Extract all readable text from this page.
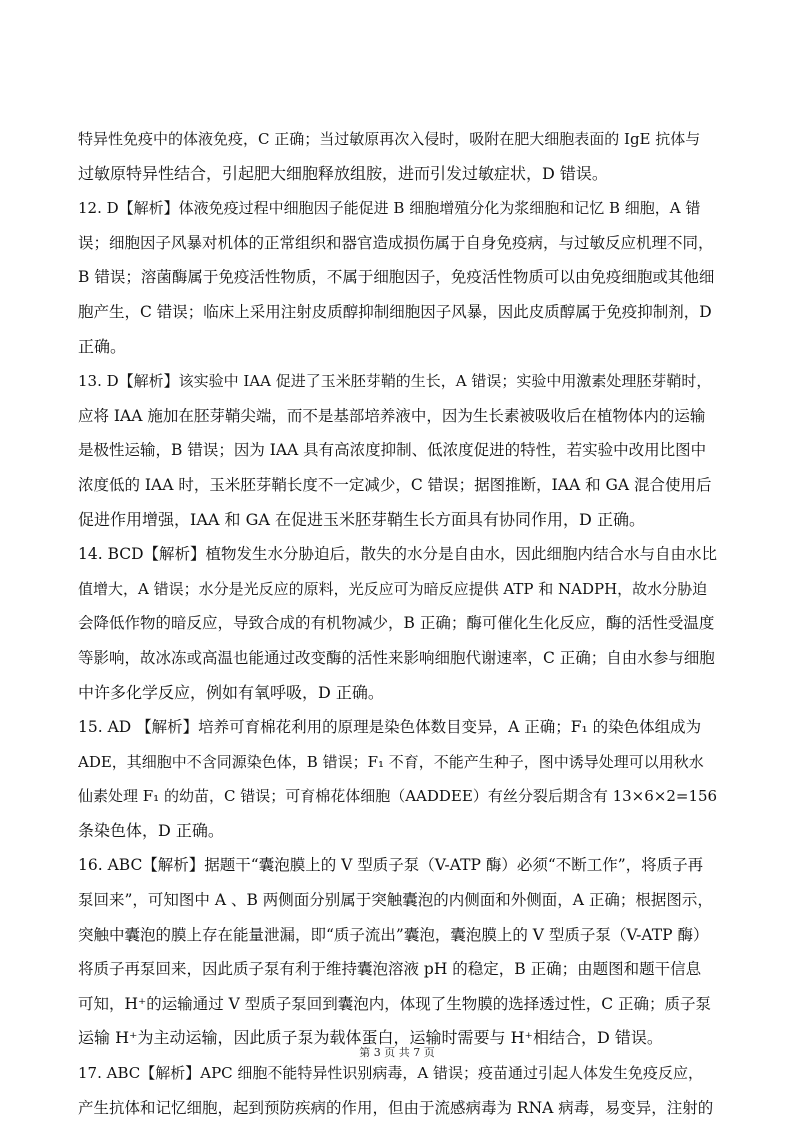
特异性免疫中的体液免疫，C 正确；当过敏原再次入侵时，吸附在肥大细胞表面的 IgE 抗体与
过敏原特异性结合，引起肥大细胞释放组胺，进而引发过敏症状，D 错误。
12. D【解析】体液免疫过程中细胞因子能促进 B 细胞增殖分化为浆细胞和记忆 B 细胞，A 错
误；细胞因子风暴对机体的正常组织和器官造成损伤属于自身免疫病，与过敏反应机理不同，
B 错误；溶菌酶属于免疫活性物质，不属于细胞因子，免疫活性物质可以由免疫细胞或其他细
胞产生，C 错误；临床上采用注射皮质醇抑制细胞因子风暴，因此皮质醇属于免疫抑制剂，D
正确。
13. D【解析】该实验中 IAA 促进了玉米胚芽鞘的生长，A 错误；实验中用激素处理胚芽鞘时，
应将 IAA 施加在胚芽鞘尖端，而不是基部培养液中，因为生长素被吸收后在植物体内的运输
是极性运输，B 错误；因为 IAA 具有高浓度抑制、低浓度促进的特性，若实验中改用比图中
浓度低的 IAA 时，玉米胚芽鞘长度不一定减少，C 错误；据图推断，IAA 和 GA 混合使用后
促进作用增强，IAA 和 GA 在促进玉米胚芽鞘生长方面具有协同作用，D 正确。
14. BCD【解析】植物发生水分胁迫后，散失的水分是自由水，因此细胞内结合水与自由水比
值增大，A 错误；水分是光反应的原料，光反应可为暗反应提供 ATP 和 NADPH，故水分胁迫
会降低作物的暗反应，导致合成的有机物减少，B 正确；酶可催化生化反应，酶的活性受温度
等影响，故冰冻或高温也能通过改变酶的活性来影响细胞代谢速率，C 正确；自由水参与细胞
中许多化学反应，例如有氧呼吸，D 正确。
15. AD 【解析】培养可育棉花利用的原理是染色体数目变异，A 正确；F₁ 的染色体组成为
ADE，其细胞中不含同源染色体，B 错误；F₁ 不育，不能产生种子，图中诱导处理可以用秋水
仙素处理 F₁ 的幼苗，C 错误；可育棉花体细胞（AADDEE）有丝分裂后期含有 13×6×2=156
条染色体，D 正确。
16. ABC【解析】据题干“囊泡膜上的 V 型质子泵（V-ATP 酶）必须“不断工作”，将质子再
泵回来”，可知图中 A 、B 两侧面分别属于突触囊泡的内侧面和外侧面，A 正确；根据图示，
突触中囊泡的膜上存在能量泄漏，即“质子流出”囊泡，囊泡膜上的 V 型质子泵（V-ATP 酶）
将质子再泵回来，因此质子泵有利于维持囊泡溶液 pH 的稳定，B 正确；由题图和题干信息
可知，H⁺的运输通过 V 型质子泵回到囊泡内，体现了生物膜的选择透过性，C 正确；质子泵
运输 H⁺为主动运输，因此质子泵为载体蛋白，运输时需要与 H⁺相结合，D 错误。
17. ABC【解析】APC 细胞不能特异性识别病毒，A 错误；疫苗通过引起人体发生免疫反应，
产生抗体和记忆细胞，起到预防疾病的作用，但由于流感病毒为 RNA 病毒，易变异，注射的
第 3 页 共 7 页
